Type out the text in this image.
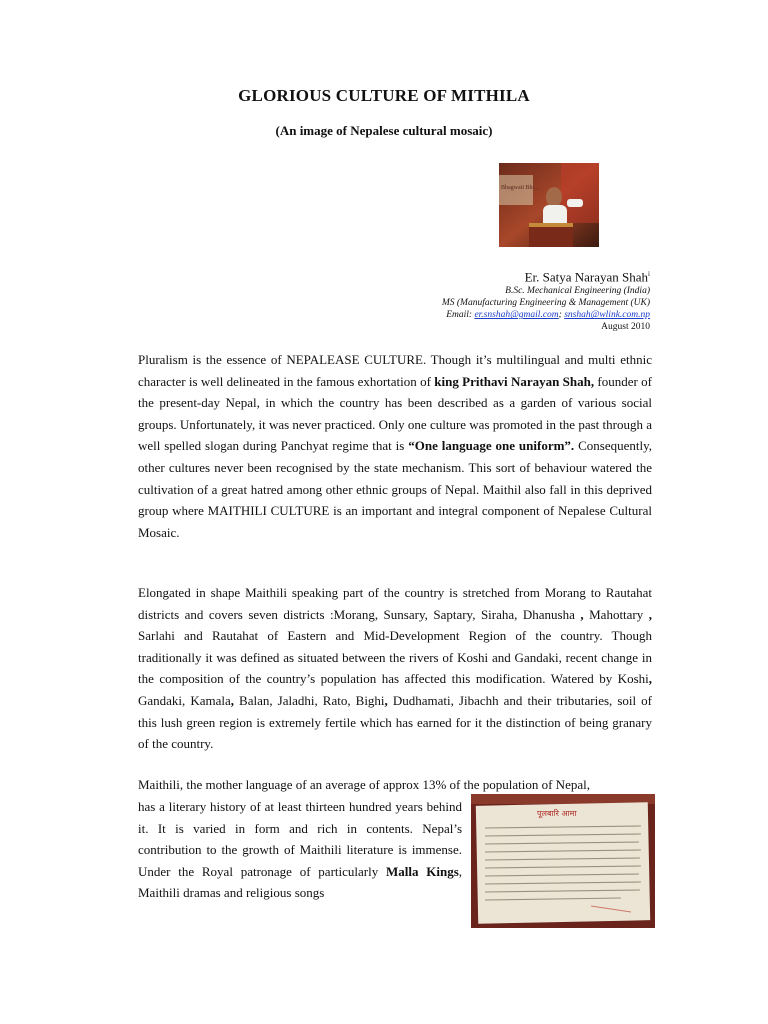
GLORIOUS CULTURE OF MITHILA
(An image of Nepalese cultural mosaic)
Bhagwati Bhi...
Er. Satya Narayan Shah$^i$
B.Sc. Mechanical Engineering (India)
MS (Manufacturing Engineering & Management (UK)
Email: er.snshah@gmail.com; snshah@wlink.com.np
August 2010

Pluralism is the essence of NEPALEASE CULTURE. Though it’s multilingual and multi ethnic character is well delineated in the famous exhortation of king Prithavi Narayan Shah, founder of the present-day Nepal, in which the country has been described as a garden of various social groups. Unfortunately, it was never practiced. Only one culture was promoted in the past through a well spelled slogan during Panchyat regime that is “One language one uniform”. Consequently, other cultures never been recognised by the state mechanism. This sort of behaviour watered the cultivation of a great hatred among other ethnic groups of Nepal. Maithil also fall in this deprived group where MAITHILI CULTURE is an important and integral component of Nepalese Cultural Mosaic.

Elongated in shape Maithili speaking part of the country is stretched from Morang to Rautahat districts and covers seven districts :Morang, Sunsary, Saptary, Siraha, Dhanusha , Mahottary , Sarlahi and Rautahat of Eastern and Mid-Development Region of the country. Though traditionally it was defined as situated between the rivers of Koshi and Gandaki, recent change in the composition of the country’s population has affected this modification. Watered by Koshi, Gandaki, Kamala, Balan, Jaladhi, Rato, Bighi, Dudhamati, Jibachh and their tributaries, soil of this lush green region is extremely fertile which has earned for it the distinction of being granary of the country.

Maithili, the mother language of an average of approx 13% of the population of Nepal,

has a literary history of at least thirteen hundred years behind it. It is varied in form and rich in contents. Nepal’s contribution to the growth of Maithili literature is immense. Under the Royal patronage of particularly Malla Kings, Maithili dramas and religious songs

पूलबारि आमा
